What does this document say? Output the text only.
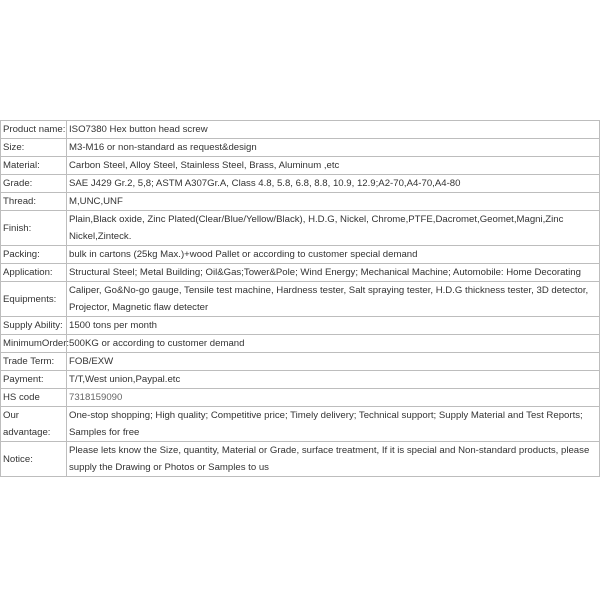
Product name:	ISO7380 Hex button head screw
Size:	M3-M16 or non-standard as request&design
Material:	Carbon Steel, Alloy Steel, Stainless Steel, Brass, Aluminum ,etc
Grade:	SAE J429 Gr.2, 5,8; ASTM A307Gr.A, Class 4.8, 5.8, 6.8, 8.8, 10.9, 12.9;A2-70,A4-70,A4-80
Thread:	M,UNC,UNF
Finish:	Plain,Black oxide, Zinc Plated(Clear/Blue/Yellow/Black), H.D.G, Nickel, Chrome,PTFE,Dacromet,Geomet,Magni,Zinc Nickel,Zinteck.
Packing:	bulk in cartons (25kg Max.)+wood Pallet or according to customer special demand
Application:	Structural Steel; Metal Building; Oil&Gas;Tower&Pole; Wind Energy; Mechanical Machine; Automobile: Home Decorating
Equipments:	Caliper, Go&No-go gauge, Tensile test machine, Hardness tester, Salt spraying tester, H.D.G thickness tester, 3D detector, Projector, Magnetic flaw detecter
Supply Ability:	1500 tons per month
MinimumOrder:	500KG or according to customer demand
Trade Term:	FOB/EXW
Payment:	T/T,West union,Paypal.etc
HS code	7318159090
Our advantage:	One-stop shopping; High quality; Competitive price; Timely delivery; Technical support; Supply Material and Test Reports; Samples for free
Notice:	Please lets know the Size, quantity, Material or Grade, surface treatment, If it is special and Non-standard products, please supply the Drawing or Photos or Samples to us
